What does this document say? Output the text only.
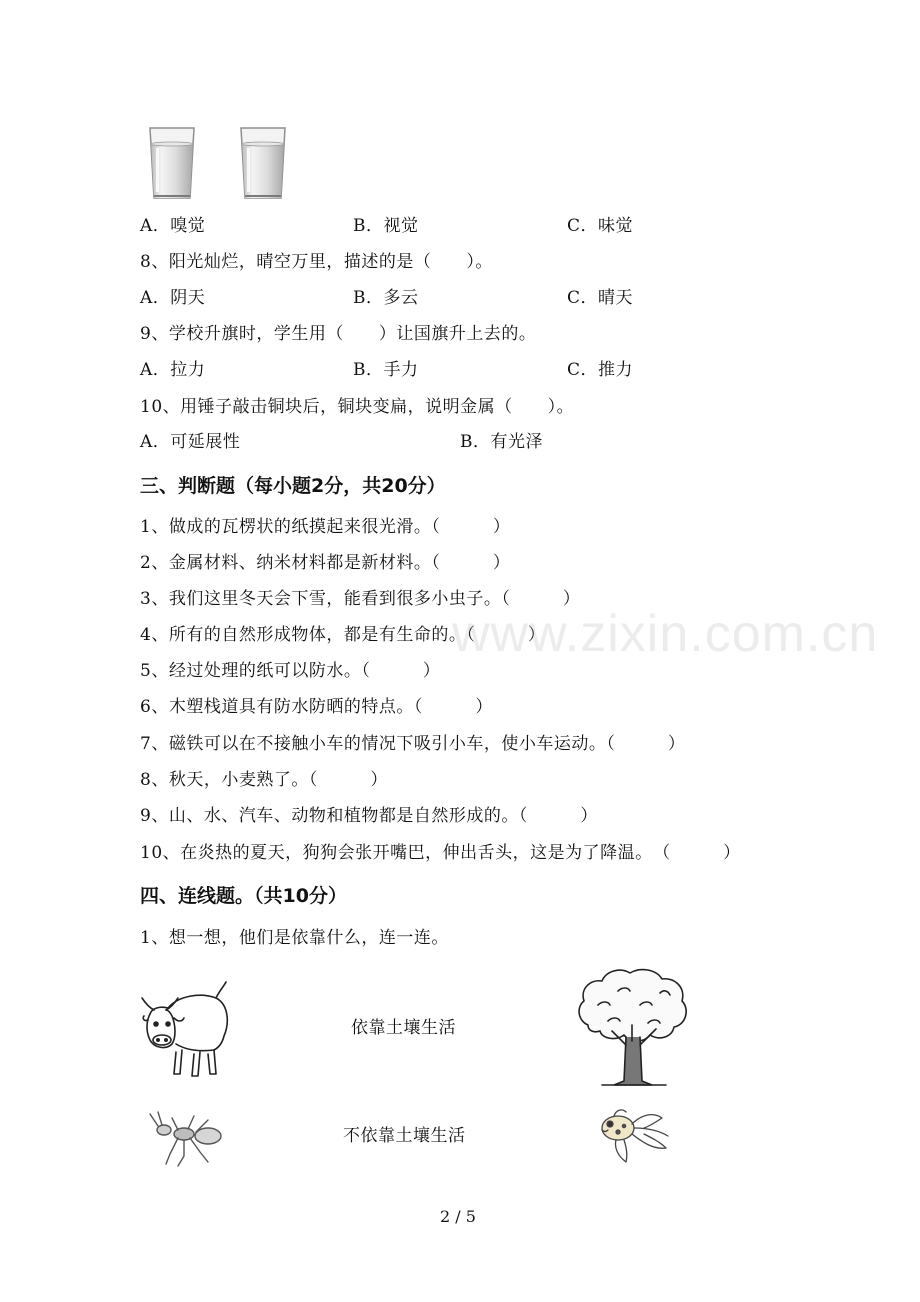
A．嗅觉	B．视觉	C．味觉
8、阳光灿烂，晴空万里，描述的是（　　）。
A．阴天	B．多云	C．晴天
9、学校升旗时，学生用（　　）让国旗升上去的。
A．拉力	B．手力	C．推力
10、用锤子敲击铜块后，铜块变扁，说明金属（　　）。
A．可延展性	B．有光泽
三、判断题（每小题2分，共20分）
1、做成的瓦楞状的纸摸起来很光滑。（　　　）
2、金属材料、纳米材料都是新材料。（　　　）
3、我们这里冬天会下雪，能看到很多小虫子。（　　　）
4、所有的自然形成物体，都是有生命的。（　　　）
5、经过处理的纸可以防水。（　　　）
6、木塑栈道具有防水防晒的特点。（　　　）
7、磁铁可以在不接触小车的情况下吸引小车，使小车运动。（　　　）
8、秋天，小麦熟了。（　　　）
9、山、水、汽车、动物和植物都是自然形成的。（　　　）
10、在炎热的夏天，狗狗会张开嘴巴，伸出舌头，这是为了降温。　（　　　）
www.zixin.com.cn
四、连线题。（共10分）
1、想一想，他们是依靠什么，连一连。
依靠土壤生活
不依靠土壤生活
2 / 5
